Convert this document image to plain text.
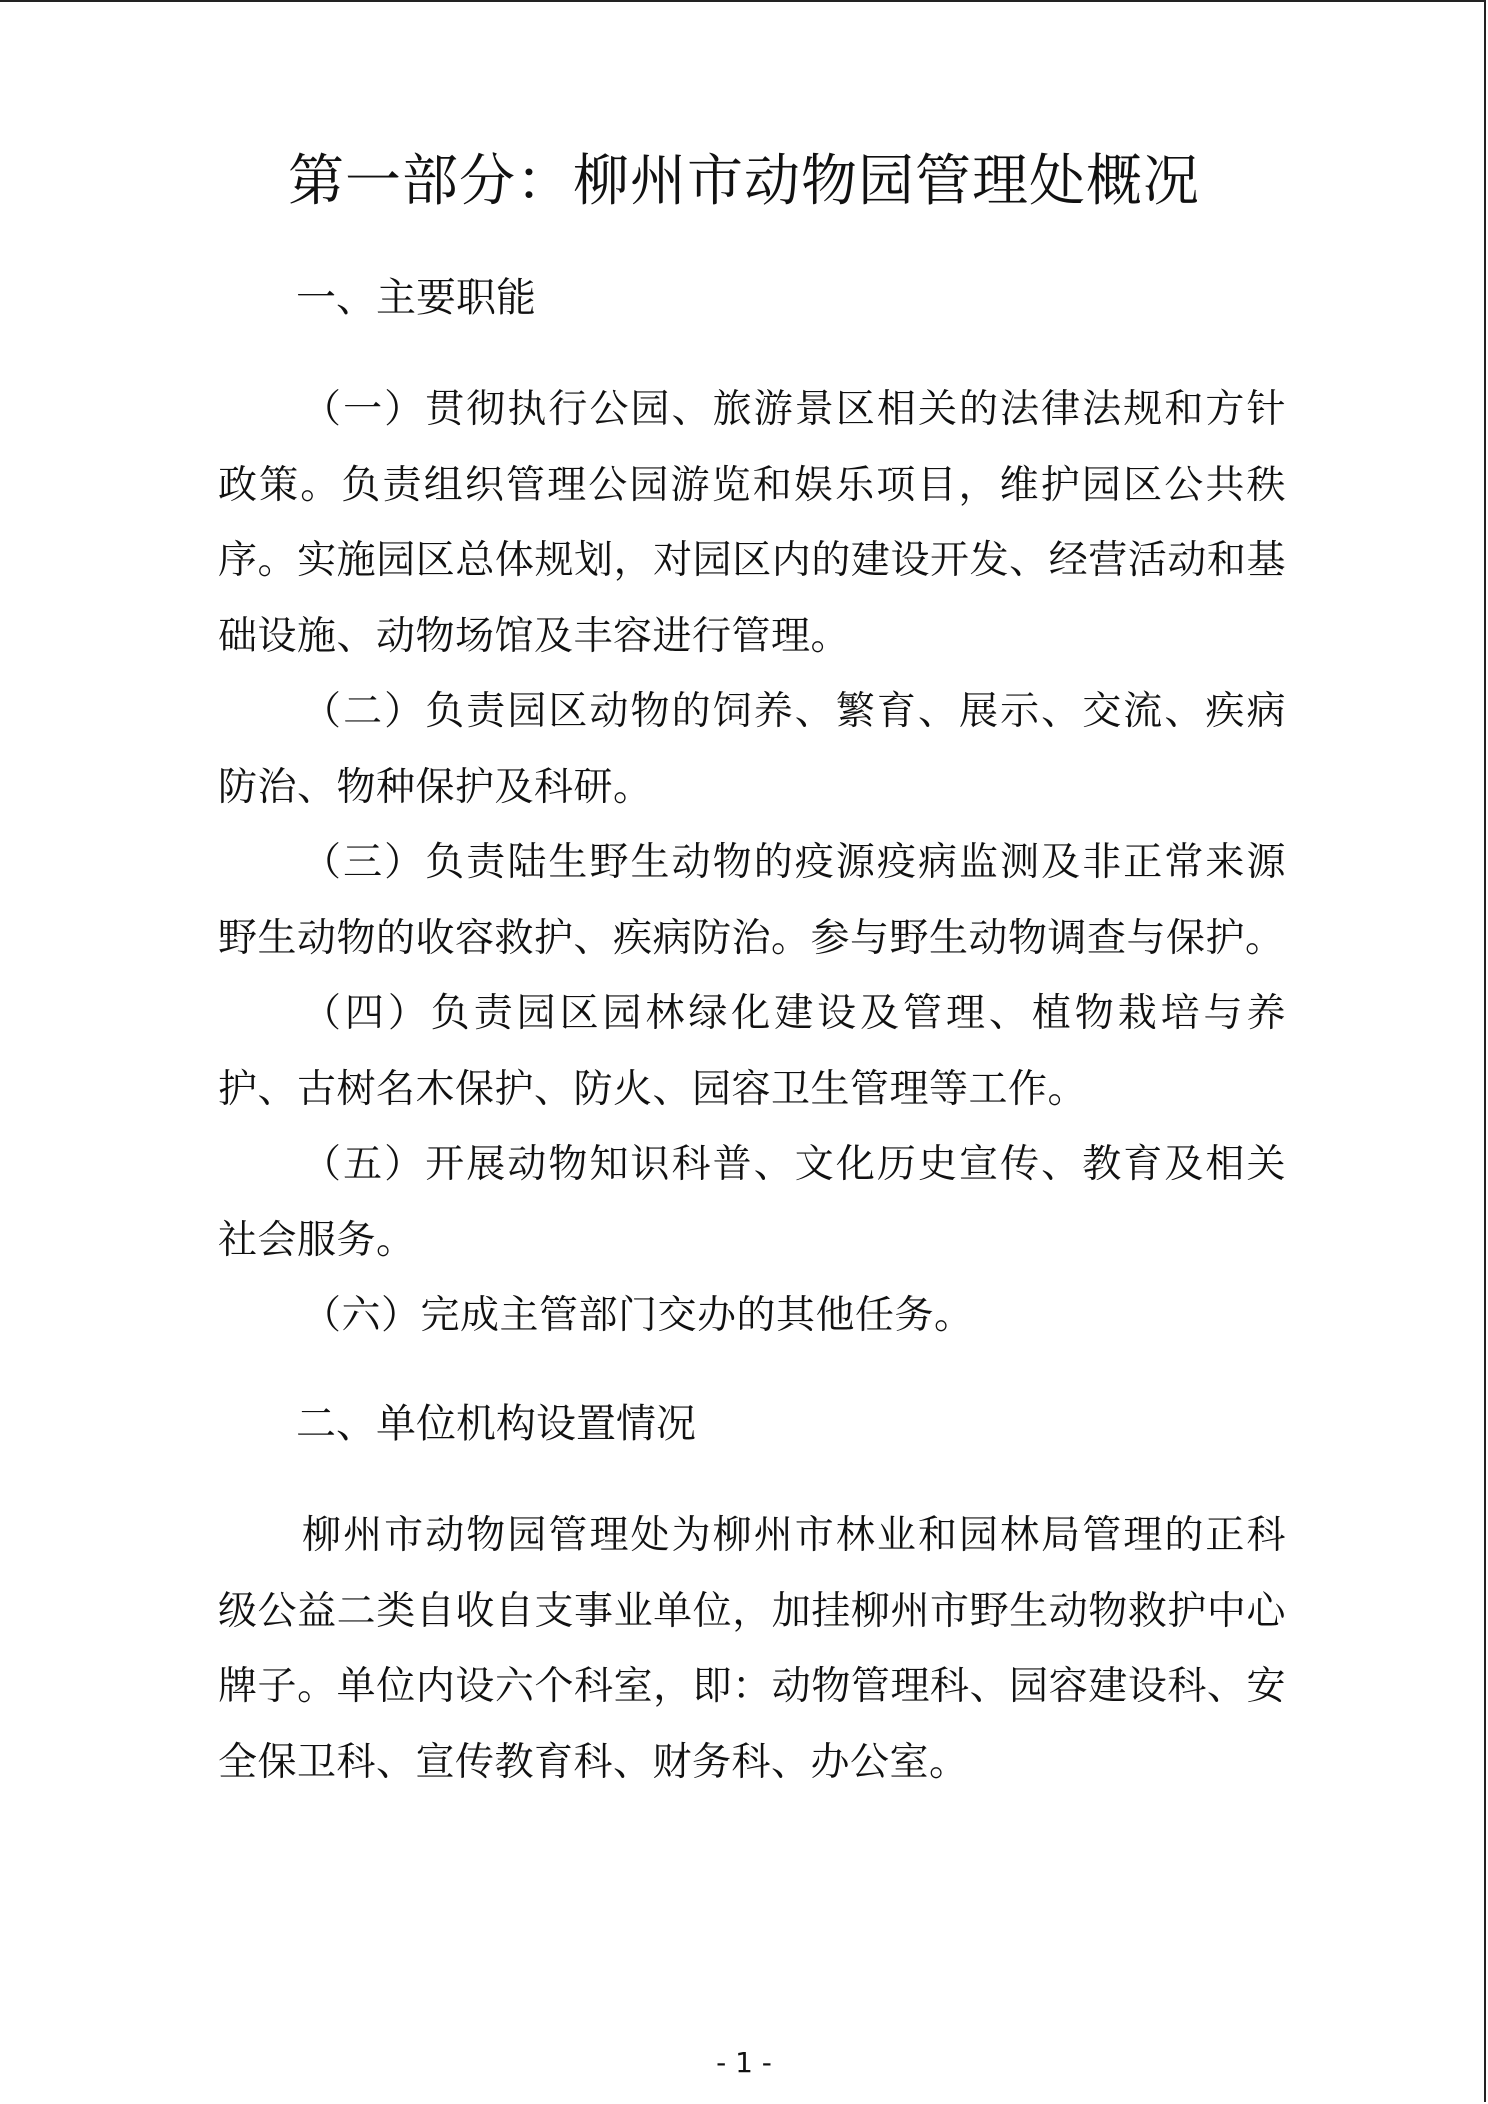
第一部分：柳州市动物园管理处概况
一、主要职能

（一）贯彻执行公园、旅游景区相关的法律法规和方针政策。负责组织管理公园游览和娱乐项目，维护园区公共秩序。实施园区总体规划，对园区内的建设开发、经营活动和基础设施、动物场馆及丰容进行管理。

（二）负责园区动物的饲养、繁育、展示、交流、疾病防治、物种保护及科研。

（三）负责陆生野生动物的疫源疫病监测及非正常来源野生动物的收容救护、疾病防治。参与野生动物调查与保护。

（四）负责园区园林绿化建设及管理、植物栽培与养护、古树名木保护、防火、园容卫生管理等工作。

（五）开展动物知识科普、文化历史宣传、教育及相关社会服务。

（六）完成主管部门交办的其他任务。

二、单位机构设置情况

柳州市动物园管理处为柳州市林业和园林局管理的正科级公益二类自收自支事业单位，加挂柳州市野生动物救护中心牌子。单位内设六个科室，即：动物管理科、园容建设科、安全保卫科、宣传教育科、财务科、办公室。

- 1 -
